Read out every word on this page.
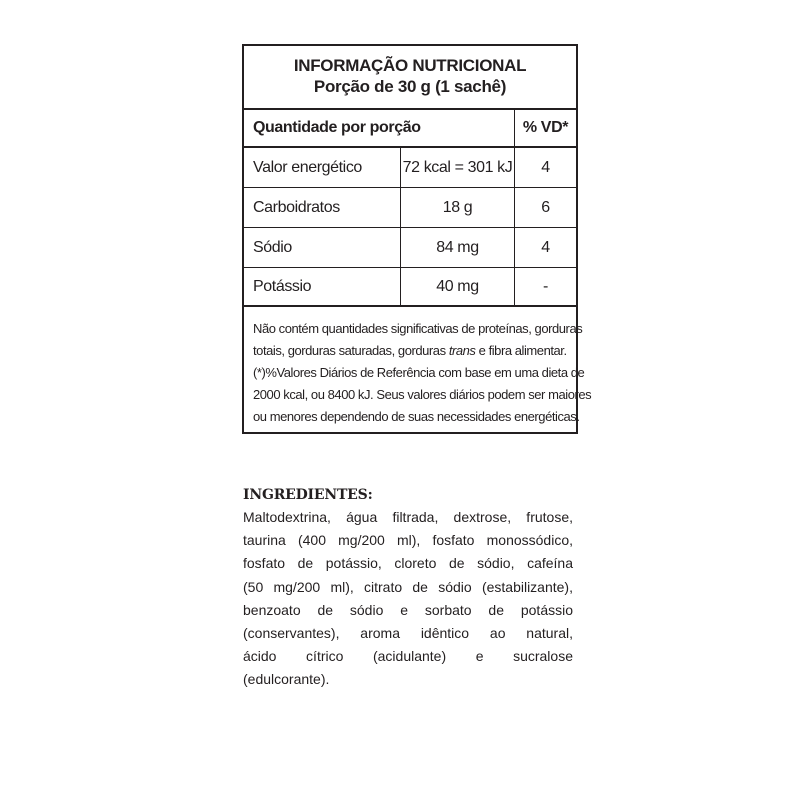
INFORMAÇÃO NUTRICIONAL
Porção de 30 g (1 sachê)
Quantidade por porção	% VD*
Valor energético	72 kcal = 301 kJ	4
Carboidratos	18 g	6
Sódio	84 mg	4
Potássio	40 mg	-
Não contém quantidades significativas de proteínas, gorduras
totais, gorduras saturadas, gorduras trans e fibra alimentar.
(*)%Valores Diários de Referência com base em uma dieta de
2000 kcal, ou 8400 kJ. Seus valores diários podem ser maiores
ou menores dependendo de suas necessidades energéticas.
INGREDIENTES:
Maltodextrina, água filtrada, dextrose, frutose,
taurina (400 mg/200 ml), fosfato monossódico,
fosfato de potássio, cloreto de sódio, cafeína
(50 mg/200 ml), citrato de sódio (estabilizante),
benzoato de sódio e sorbato de potássio
(conservantes), aroma idêntico ao natural,
ácido cítrico (acidulante) e sucralose
(edulcorante).
